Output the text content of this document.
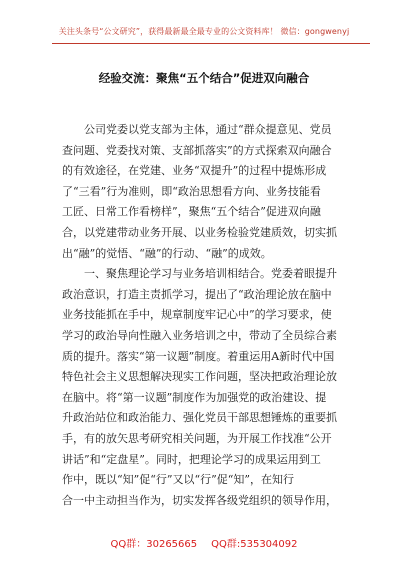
关注头条号“公文研究”，获得最新最全最专业的公文资料库！ 微信：gongwenyj
经验交流：聚焦“五个结合”促进双向融合
公司党委以党支部为主体，通过“群众提意见、党员
查问题、党委找对策、支部抓落实”的方式探索双向融合
的有效途径，在党建、业务“双提升”的过程中提炼形成
了“三看”行为准则，即“政治思想看方向、业务技能看
工匠、日常工作看榜样”，聚焦“五个结合”促进双向融
合，以党建带动业务开展、以业务检验党建质效，切实抓
出“融”的觉悟、“融”的行动、“融”的成效。
一、聚焦理论学习与业务培训相结合。党委着眼提升
政治意识，打造主责抓学习，提出了“政治理论放在脑中
业务技能抓在手中，规章制度牢记心中”的学习要求，使
学习的政治导向性融入业务培训之中，带动了全员综合素
质的提升。落实“第一议题”制度。着重运用A新时代中国
特色社会主义思想解决现实工作问题，坚决把政治理论放
在脑中。将“第一议题”制度作为加强党的政治建设、提
升政治站位和政治能力、强化党员干部思想锤炼的重要抓
手，有的放矢思考研究相关问题，为开展工作找准“公开
讲话”和“定盘星”。同时，把理论学习的成果运用到工
作中，既以“知”促“行”又以“行”促“知”，在知行
合一中主动担当作为，切实发挥各级党组织的领导作用，
QQ群：30265665 QQ群:535304092
